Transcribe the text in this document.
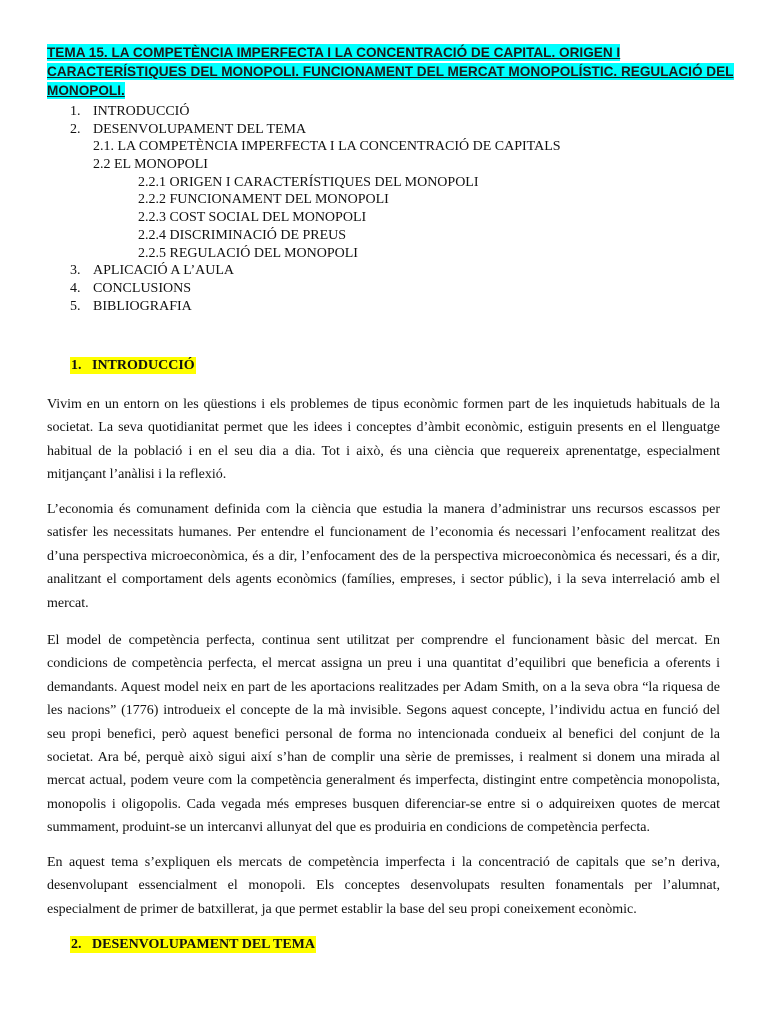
TEMA 15. LA COMPETÈNCIA IMPERFECTA I LA CONCENTRACIÓ DE CAPITAL. ORIGEN I CARACTERÍSTIQUES DEL MONOPOLI. FUNCIONAMENT DEL MERCAT MONOPOLÍSTIC. REGULACIÓ DEL MONOPOLI.
1. INTRODUCCIÓ
2. DESENVOLUPAMENT DEL TEMA
2.1. LA COMPETÈNCIA IMPERFECTA I LA CONCENTRACIÓ DE CAPITALS
2.2 EL MONOPOLI
2.2.1 ORIGEN I CARACTERÍSTIQUES DEL MONOPOLI
2.2.2 FUNCIONAMENT DEL MONOPOLI
2.2.3 COST SOCIAL DEL MONOPOLI
2.2.4 DISCRIMINACIÓ DE PREUS
2.2.5 REGULACIÓ DEL MONOPOLI
3. APLICACIÓ A L’AULA
4. CONCLUSIONS
5. BIBLIOGRAFIA
1.   INTRODUCCIÓ
Vivim en un entorn on les qüestions i els problemes de tipus econòmic formen part de les inquietuds habituals de la societat. La seva quotidianitat permet que les idees i conceptes d’àmbit econòmic, estiguin presents en el llenguatge habitual de la població i en el seu dia a dia. Tot i això, és una ciència que requereix aprenentatge, especialment mitjançant l’anàlisi i la reflexió.
L’economia és comunament definida com la ciència que estudia la manera d’administrar uns recursos escassos per satisfer les necessitats humanes. Per entendre el funcionament de l’economia és necessari l’enfocament realitzat des d’una perspectiva microeconòmica, és a dir, l’enfocament des de la perspectiva microeconòmica és necessari, és a dir, analitzant el comportament dels agents econòmics (famílies, empreses, i sector públic), i la seva interrelació amb el mercat.
El model de competència perfecta, continua sent utilitzat per comprendre el funcionament bàsic del mercat. En condicions de competència perfecta, el mercat assigna un preu i una quantitat d’equilibri que beneficia a oferents i demandants. Aquest model neix en part de les aportacions realitzades per Adam Smith, on a la seva obra “la riquesa de les nacions” (1776) introdueix el concepte de la mà invisible. Segons aquest concepte, l’individu actua en funció del seu propi benefici, però aquest benefici personal de forma no intencionada condueix al benefici del conjunt de la societat. Ara bé, perquè això sigui així s’han de complir una sèrie de premisses, i realment si donem una mirada al mercat actual, podem veure com la competència generalment és imperfecta, distingint entre competència monopolista, monopolis i oligopolis. Cada vegada més empreses busquen diferenciar-se entre si o adquireixen quotes de mercat summament, produint-se un intercanvi allunyat del que es produiria en condicions de competència perfecta.
En aquest tema s’expliquen els mercats de competència imperfecta i la concentració de capitals que se’n deriva, desenvolupant essencialment el monopoli. Els conceptes desenvolupats resulten fonamentals per l’alumnat, especialment de primer de batxillerat, ja que permet establir la base del seu propi coneixement econòmic.
2.   DESENVOLUPAMENT DEL TEMA
